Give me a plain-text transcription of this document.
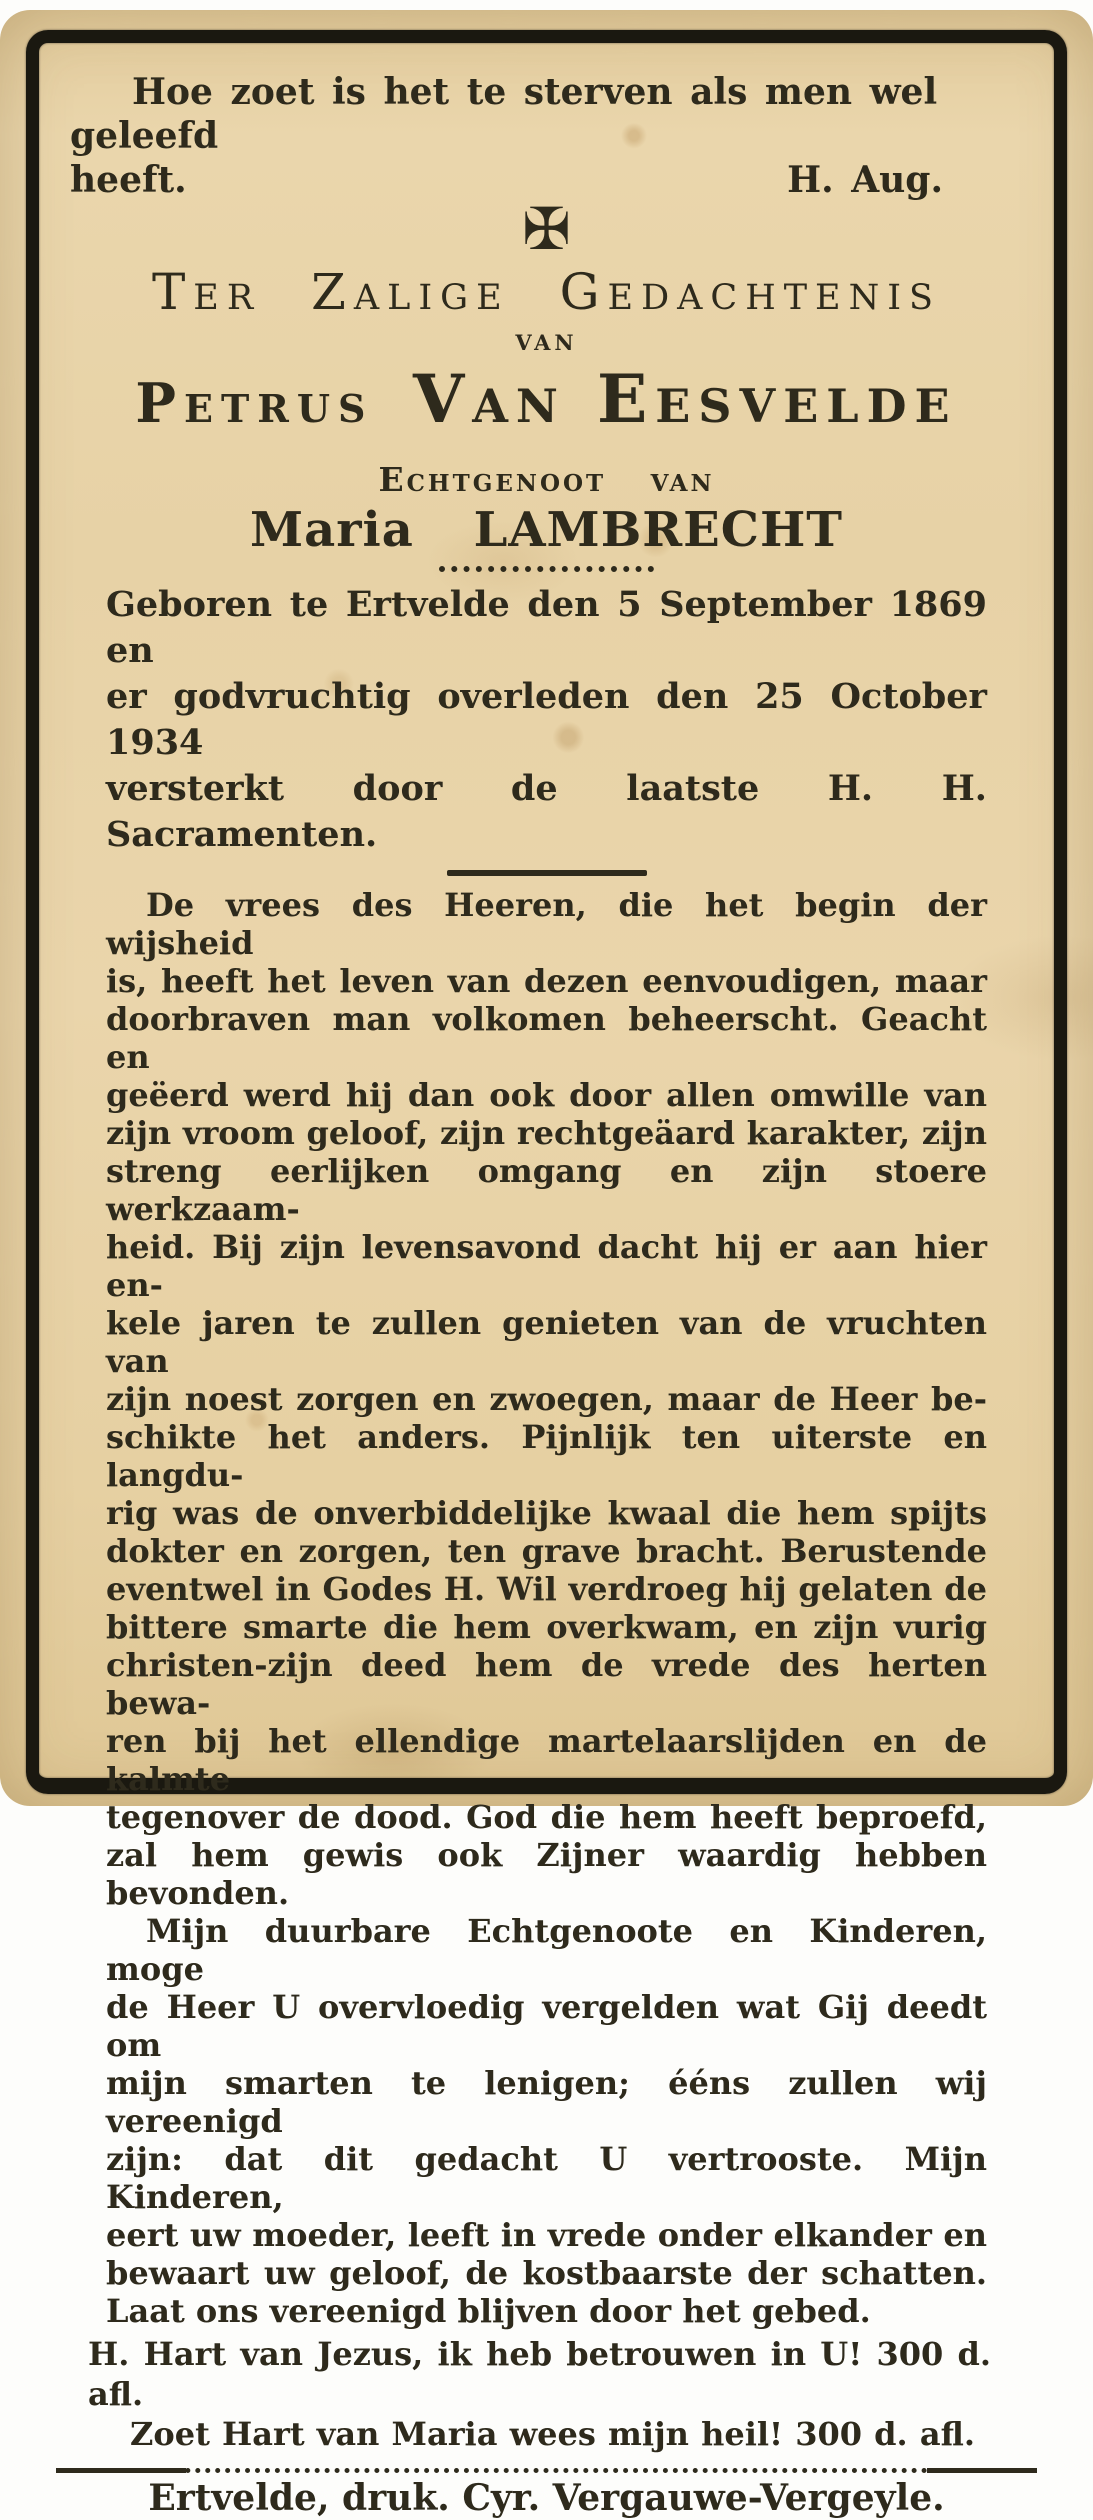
Hoe zoet is het te sterven als men wel geleefd
heeft.	H. Aug.
✠
Ter Zalige Gedachtenis
van
Petrus Van Eesvelde
Echtgenoot van
Maria LAMBRECHT
Geboren te Ertvelde den 5 September 1869 en
er godvruchtig overleden den 25 October 1934
versterkt door de laatste H. H. Sacramenten.
De vrees des Heeren, die het begin der wijsheid
is, heeft het leven van dezen eenvoudigen, maar
doorbraven man volkomen beheerscht. Geacht en
geëerd werd hij dan ook door allen omwille van
zijn vroom geloof, zijn rechtgeäard karakter, zijn
streng eerlijken omgang en zijn stoere werkzaam-
heid. Bij zijn levensavond dacht hij er aan hier en-
kele jaren te zullen genieten van de vruchten van
zijn noest zorgen en zwoegen, maar de Heer be-
schikte het anders. Pijnlijk ten uiterste en langdu-
rig was de onverbiddelijke kwaal die hem spijts
dokter en zorgen, ten grave bracht. Berustende
eventwel in Godes H. Wil verdroeg hij gelaten de
bittere smarte die hem overkwam, en zijn vurig
christen-zijn deed hem de vrede des herten bewa-
ren bij het ellendige martelaarslijden en de kalmte
tegenover de dood. God die hem heeft beproefd,
zal hem gewis ook Zijner waardig hebben bevonden.
Mijn duurbare Echtgenoote en Kinderen, moge
de Heer U overvloedig vergelden wat Gij deedt om
mijn smarten te lenigen; ééns zullen wij vereenigd
zijn: dat dit gedacht U vertrooste. Mijn Kinderen,
eert uw moeder, leeft in vrede onder elkander en
bewaart uw geloof, de kostbaarste der schatten.
Laat ons vereenigd blijven door het gebed.
H. Hart van Jezus, ik heb betrouwen in U! 300 d. afl.
Zoet Hart van Maria wees mijn heil! 300 d. afl.
Ertvelde, druk. Cyr. Vergauwe-Vergeyle.
